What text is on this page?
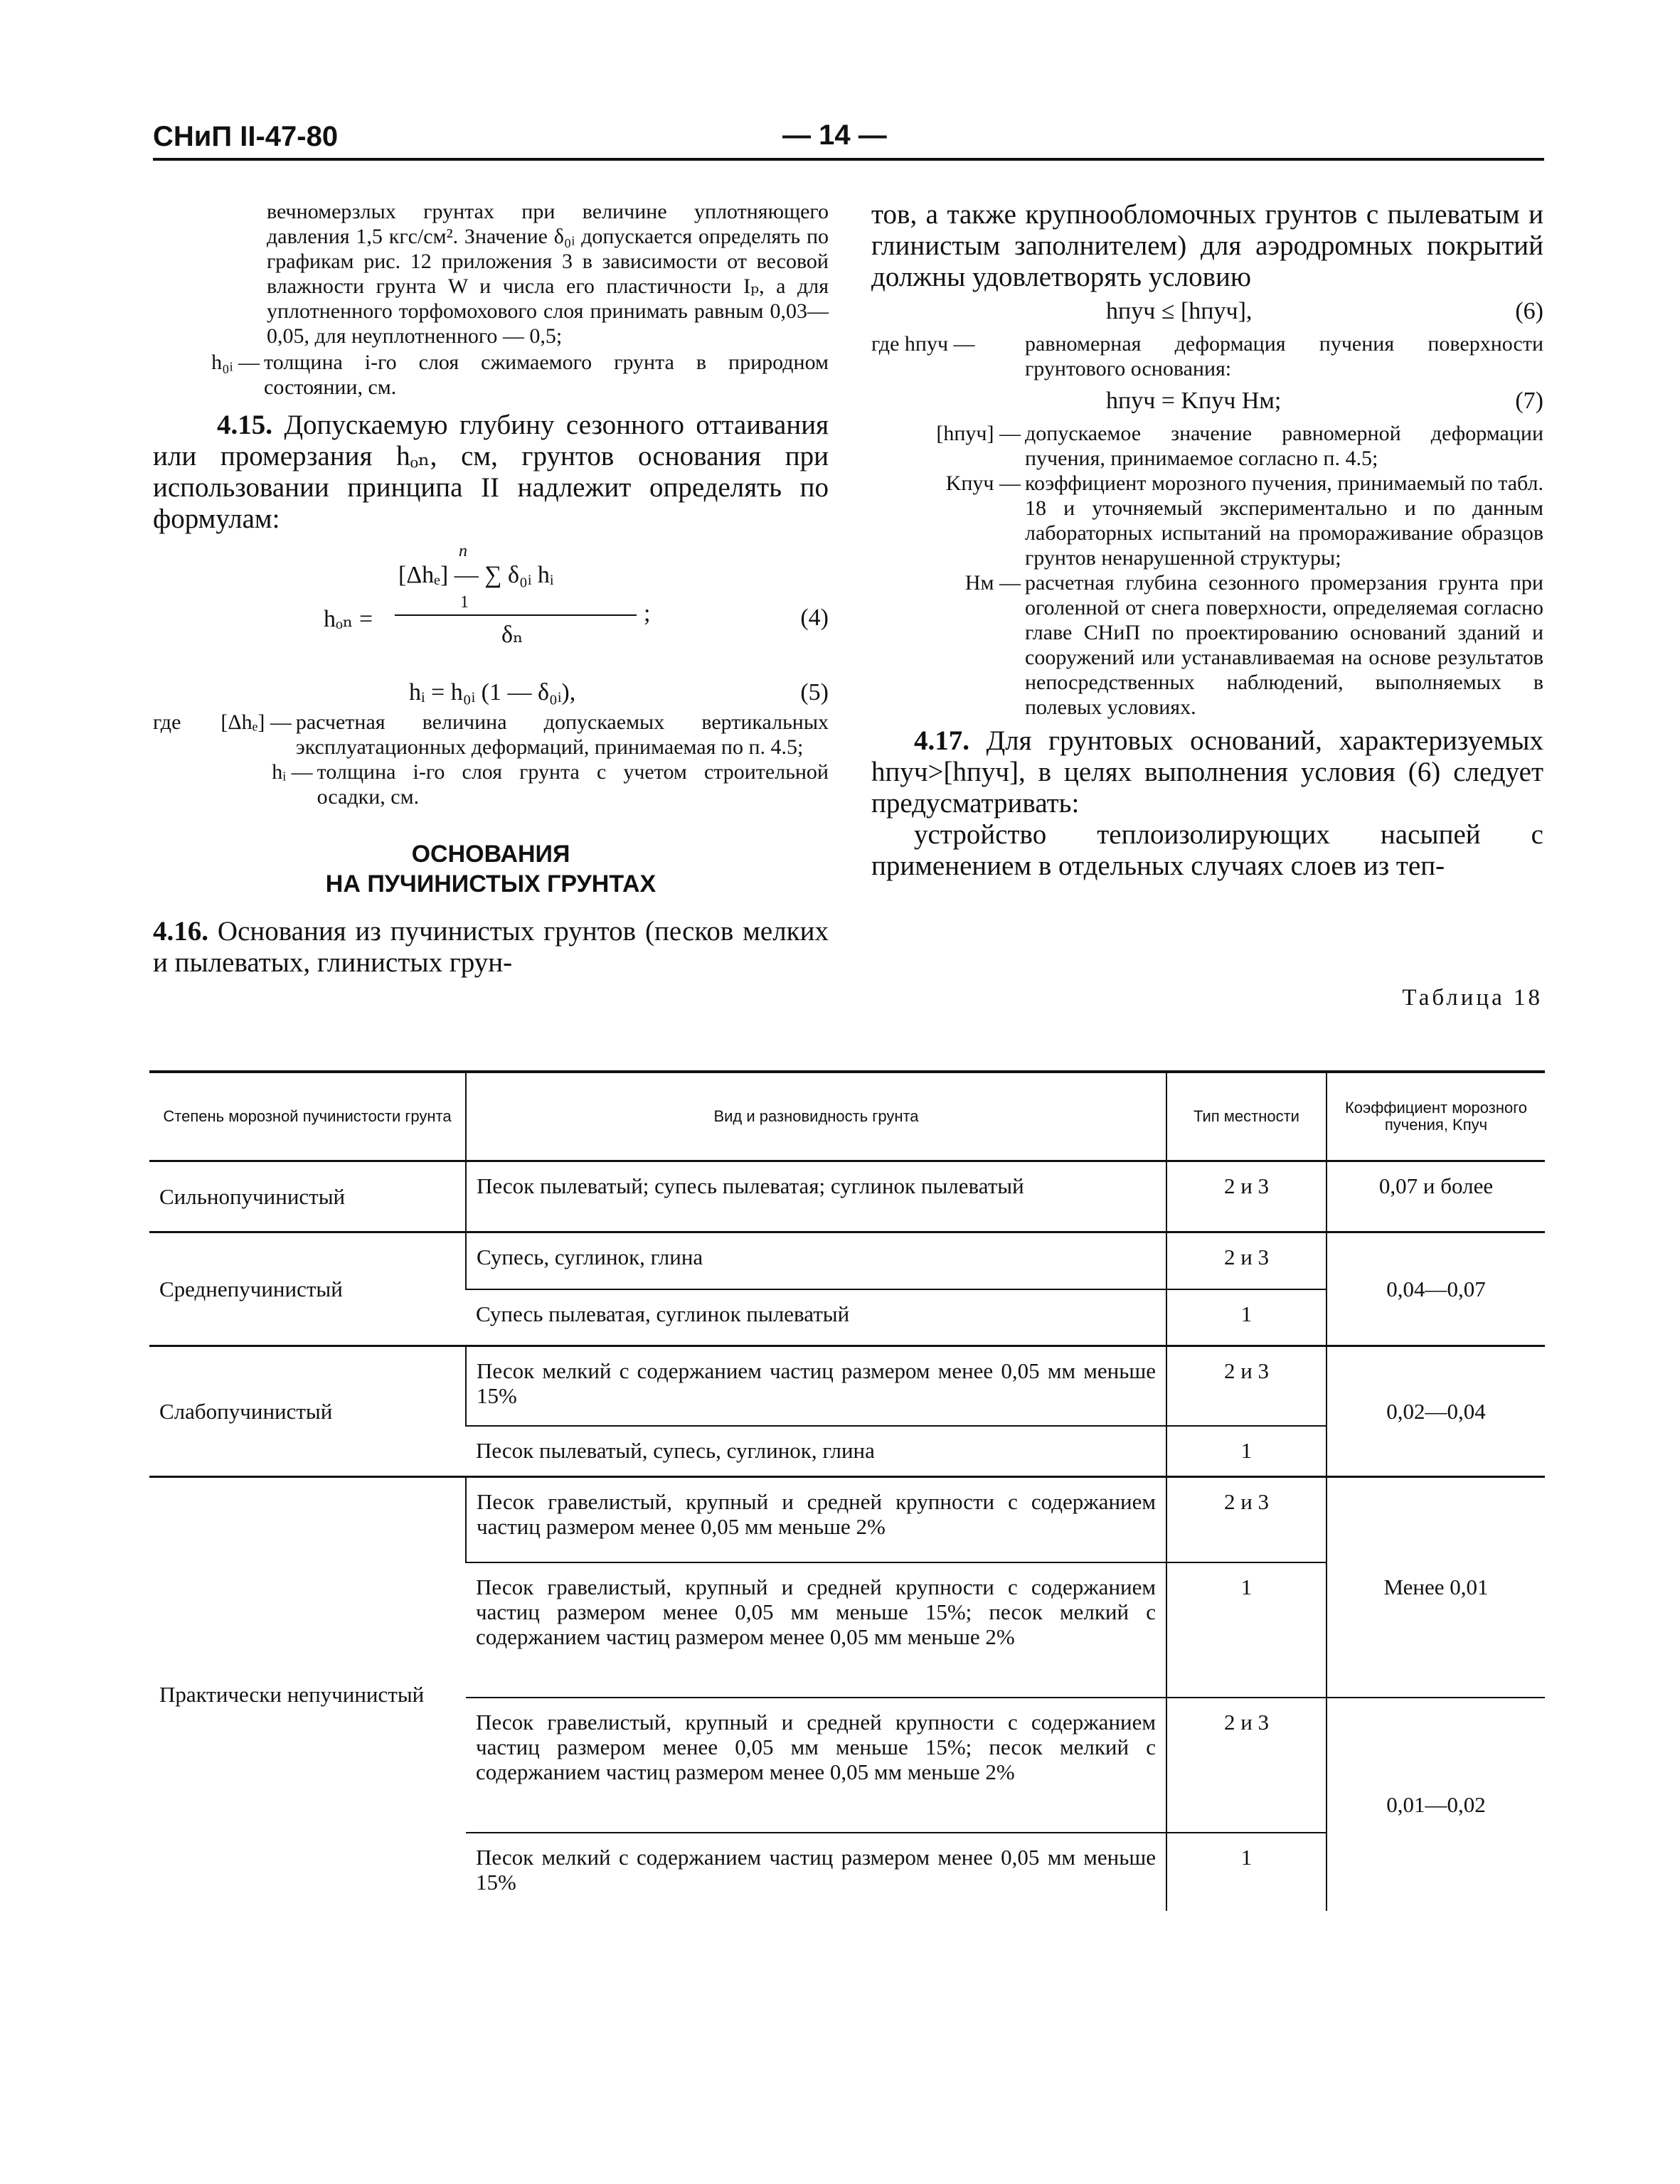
СНиП II-47-80	— 14 —
вечномерзлых грунтах при величине уплотняющего давления 1,5 кгс/см². Значение δ₀ᵢ допускается определять по графикам рис. 12 приложения 3 в зависимости от весовой влажности грунта W и числа его пластичности Iₚ, а для уплотненного торфомохового слоя принимать равным 0,03—0,05, для неуплотненного — 0,5;
h₀ᵢ — толщина i-го слоя сжимаемого грунта в природном состоянии, см.
4.15. Допускаемую глубину сезонного оттаивания или промерзания hₒₙ, см, грунтов основания при использовании принципа II надлежит определять по формулам:
n
[Δhₑ] — ∑ δ₀ᵢ hᵢ
1
hₒₙ =	;
δₙ
(4)
hᵢ = h₀ᵢ (1 — δ₀ᵢ),	(5)
где	[Δhₑ] — расчетная величина допускаемых вертикальных эксплуатационных деформаций, принимаемая по п. 4.5;
hᵢ — толщина i-го слоя грунта с учетом строительной осадки, см.
ОСНОВАНИЯ
НА ПУЧИНИСТЫХ ГРУНТАХ
4.16. Основания из пучинистых грунтов (песков мелких и пылеватых, глинистых грун-
тов, а также крупнообломочных грунтов с пылеватым и глинистым заполнителем) для аэродромных покрытий должны удовлетворять условию
hпуч ≤ [hпуч],	(6)
где hпуч —	равномерная деформация пучения поверхности грунтового основания:
hпуч = Kпуч Hм;	(7)
[hпуч] — допускаемое значение равномерной деформации пучения, принимаемое согласно п. 4.5;
Kпуч — коэффициент морозного пучения, принимаемый по табл. 18 и уточняемый экспериментально и по данным лабораторных испытаний на промораживание образцов грунтов ненарушенной структуры;
Hм — расчетная глубина сезонного промерзания грунта при оголенной от снега поверхности, определяемая согласно главе СНиП по проектированию оснований зданий и сооружений или устанавливаемая на основе результатов непосредственных наблюдений, выполняемых в полевых условиях.
4.17. Для грунтовых оснований, характеризуемых hпуч>[hпуч], в целях выполнения условия (6) следует предусматривать:
устройство теплоизолирующих насыпей с применением в отдельных случаях слоев из теп-
Таблица 18
Степень морозной пучинистости грунта	Вид и разновидность грунта	Тип местности	Коэффициент морозного пучения, Kпуч
Сильнопучинистый	Песок пылеватый; супесь пылеватая; суглинок пылеватый	2 и 3	0,07 и более
Среднепучинистый	Супесь, суглинок, глина	2 и 3	0,04—0,07
	Супесь пылеватая, суглинок пылеватый	1	
Слабопучинистый	Песок мелкий с содержанием частиц размером менее 0,05 мм меньше 15%	2 и 3	0,02—0,04
	Песок пылеватый, супесь, суглинок, глина	1	
Практически непучинистый	Песок гравелистый, крупный и средней крупности с содержанием частиц размером менее 0,05 мм меньше 2%	2 и 3	Менее 0,01
	Песок гравелистый, крупный и средней крупности с содержанием частиц размером менее 0,05 мм меньше 15%; песок мелкий с содержанием частиц размером менее 0,05 мм меньше 2%	1	
	Песок гравелистый, крупный и средней крупности с содержанием частиц размером менее 0,05 мм меньше 15%; песок мелкий с содержанием частиц размером менее 0,05 мм меньше 2%	2 и 3	0,01—0,02
	Песок мелкий с содержанием частиц размером менее 0,05 мм меньше 15%	1	
